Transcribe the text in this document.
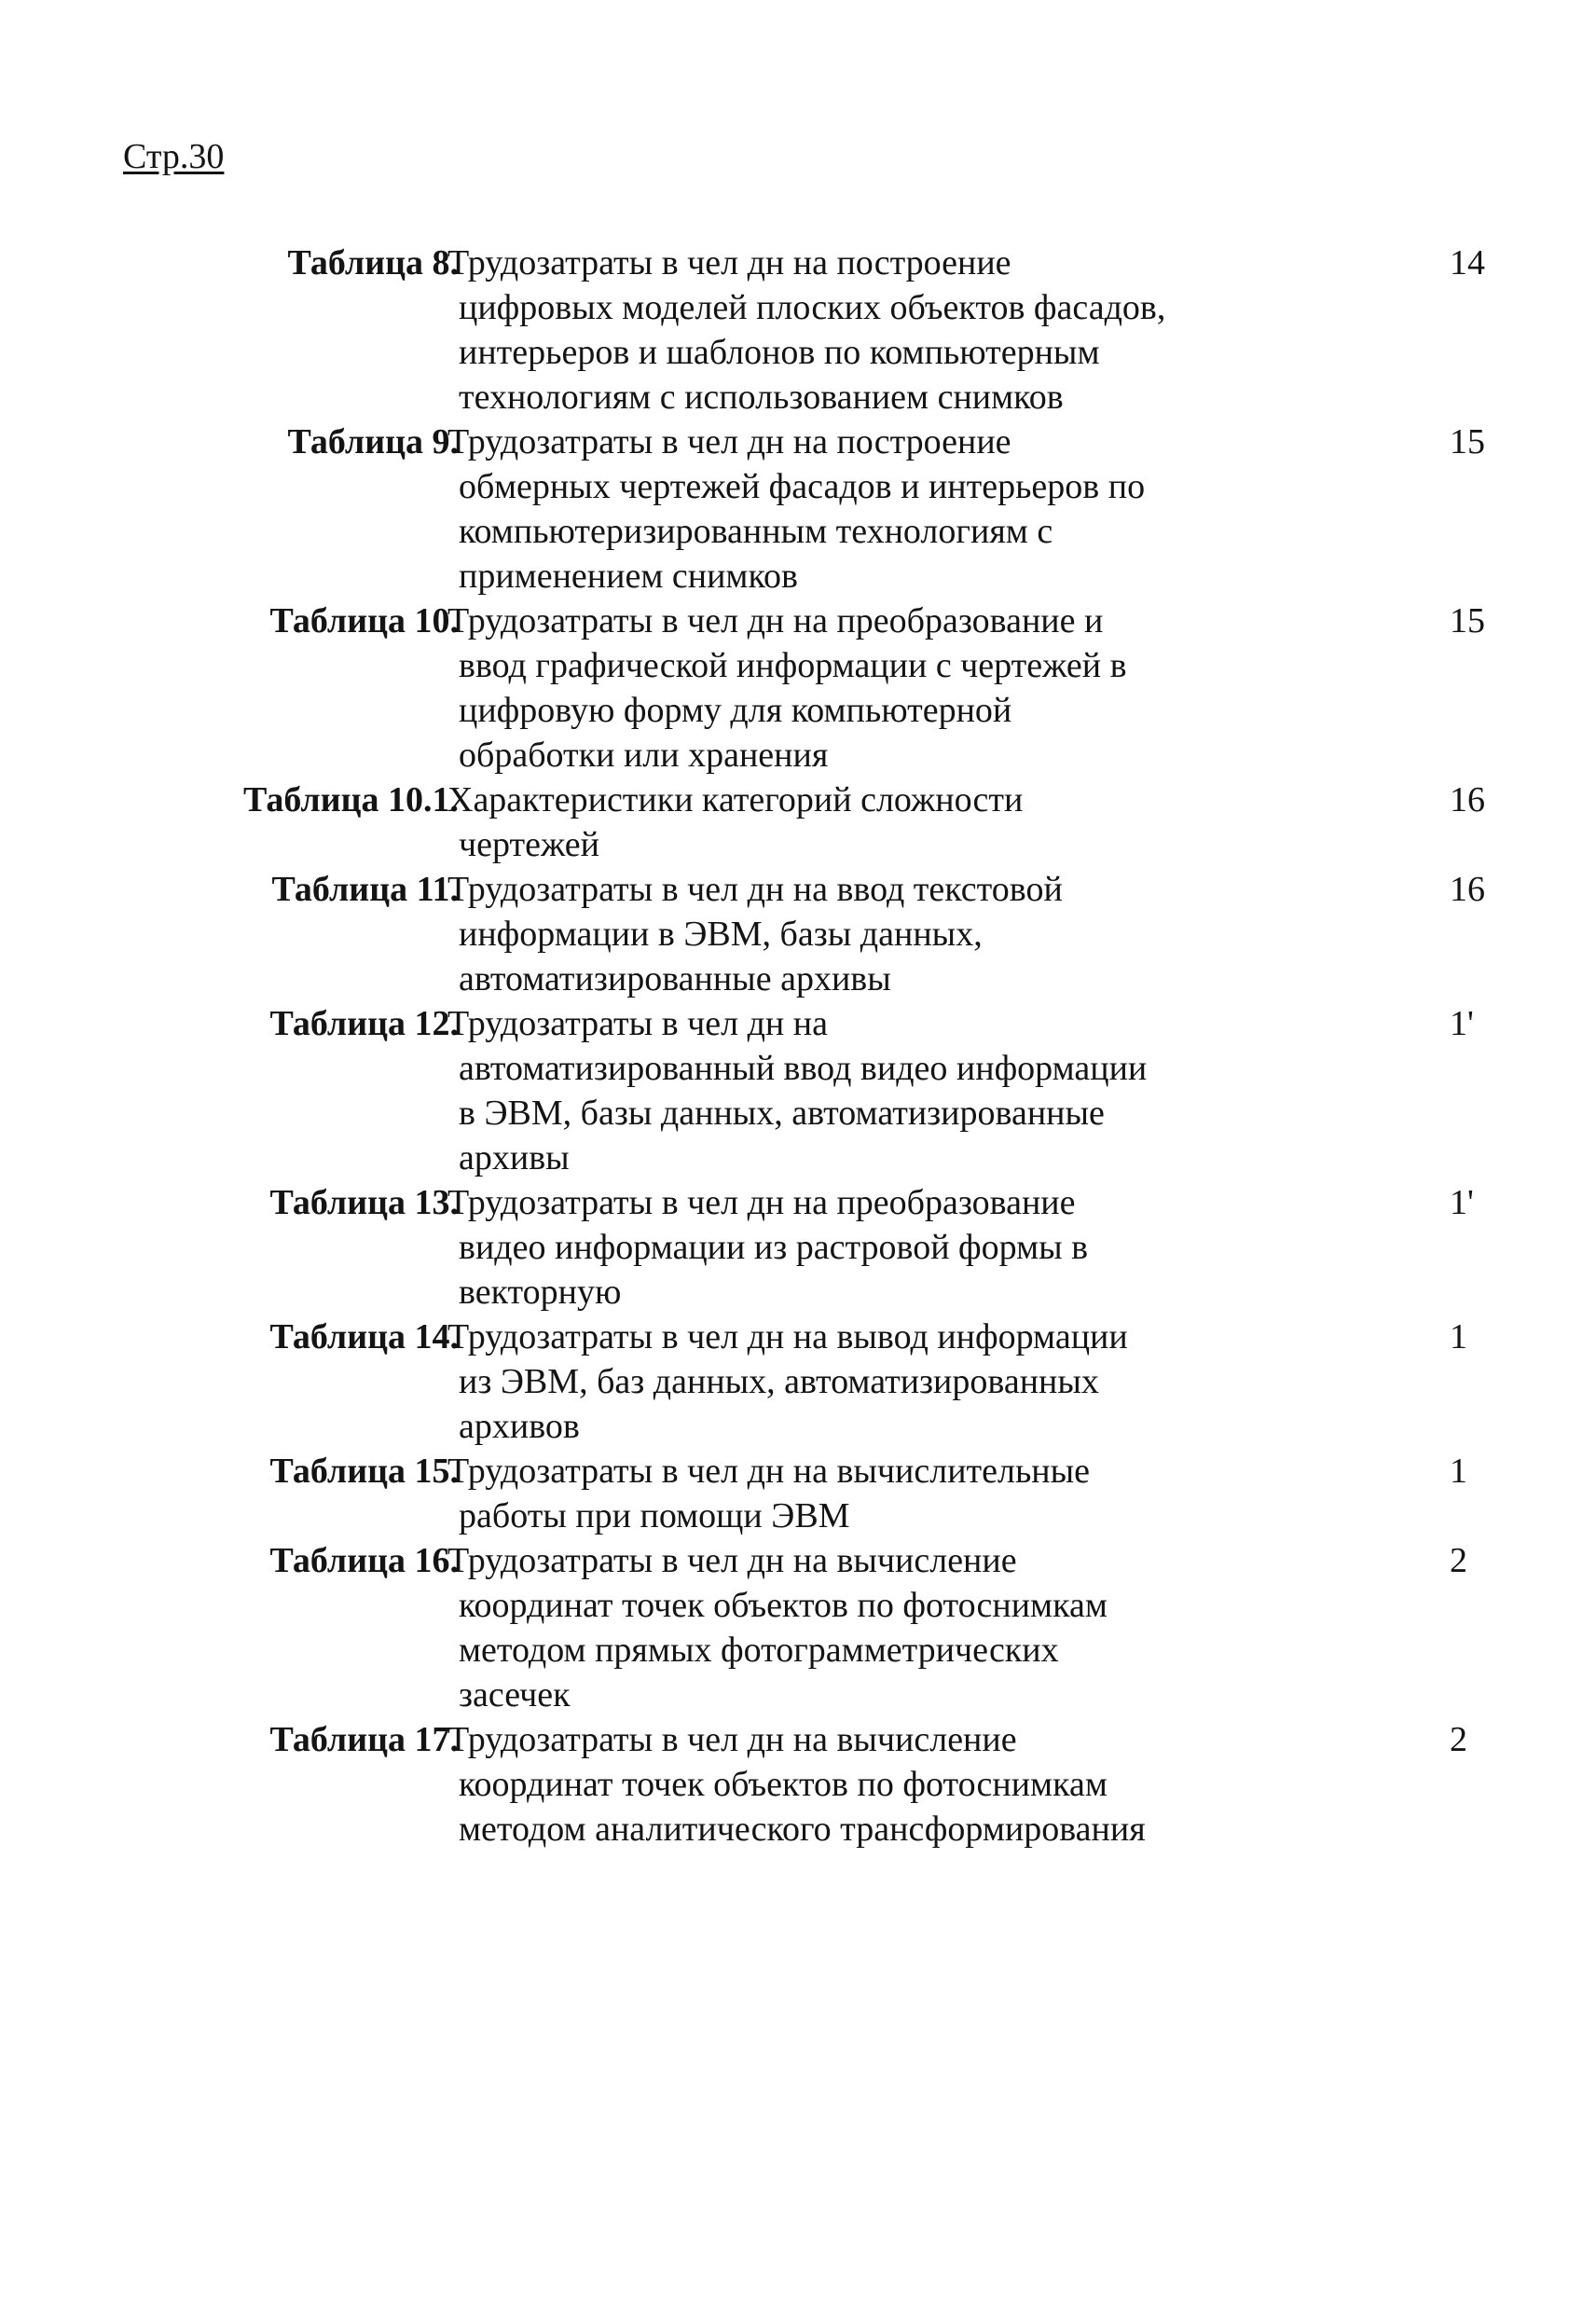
Стр.30
Таблица 8.
Трудозатраты в чел дн на построение
цифровых моделей плоских объектов фасадов,
интерьеров и шаблонов по компьютерным
технологиям с использованием снимков
14
Таблица 9.
Трудозатраты в чел дн на построение
обмерных чертежей фасадов и интерьеров по
компьютеризированным технологиям с
применением снимков
15
Таблица 10.
Трудозатраты в чел дн на преобразование и
ввод графической информации с чертежей в
цифровую форму для компьютерной
обработки или хранения
15
Таблица 10.1.
Характеристики категорий сложности
чертежей
16
Таблица 11.
Трудозатраты в чел дн на ввод текстовой
информации в ЭВМ, базы данных,
автоматизированные архивы
16
Таблица 12.
Трудозатраты в чел дн на
автоматизированный ввод видео информации
в ЭВМ, базы данных, автоматизированные
архивы
1'
Таблица 13.
Трудозатраты в чел дн на преобразование
видео информации из растровой формы в
векторную
1'
Таблица 14.
Трудозатраты в чел дн на вывод информации
из ЭВМ, баз данных, автоматизированных
архивов
1
Таблица 15.
Трудозатраты в чел дн на вычислительные
работы при помощи ЭВМ
1
Таблица 16.
Трудозатраты в чел дн на вычисление
координат точек объектов по фотоснимкам
методом прямых фотограмметрических
засечек
2
Таблица 17.
Трудозатраты в чел дн на вычисление
координат точек объектов по фотоснимкам
методом аналитического трансформирования
2
